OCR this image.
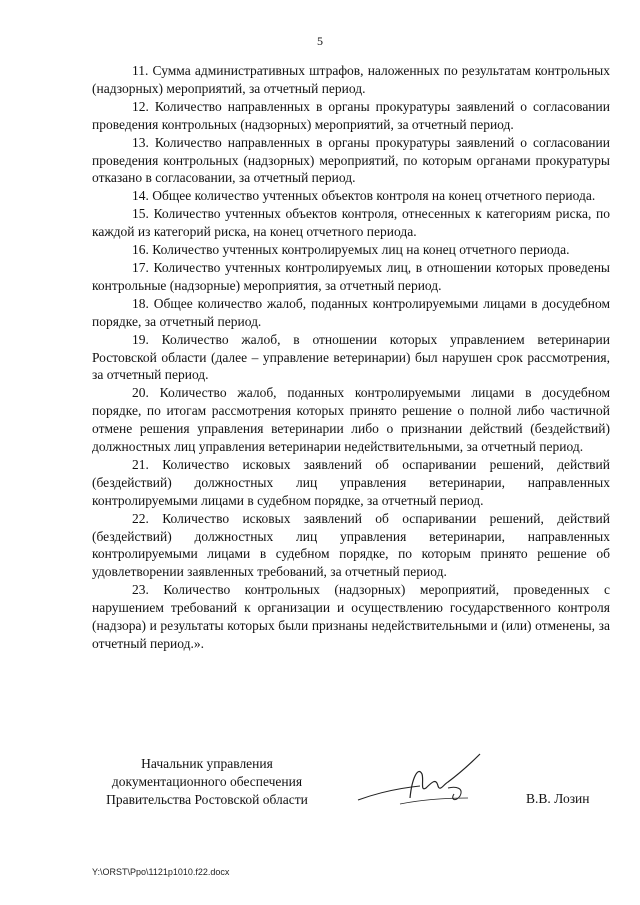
5

11. Сумма административных штрафов, наложенных по результатам контрольных (надзорных) мероприятий, за отчетный период.

12. Количество направленных в органы прокуратуры заявлений о согласовании проведения контрольных (надзорных) мероприятий, за отчетный период.

13. Количество направленных в органы прокуратуры заявлений о согласовании проведения контрольных (надзорных) мероприятий, по которым органами прокуратуры отказано в согласовании, за отчетный период.

14. Общее количество учтенных объектов контроля на конец отчетного периода.

15. Количество учтенных объектов контроля, отнесенных к категориям риска, по каждой из категорий риска, на конец отчетного периода.

16. Количество учтенных контролируемых лиц на конец отчетного периода.

17. Количество учтенных контролируемых лиц, в отношении которых проведены контрольные (надзорные) мероприятия, за отчетный период.

18. Общее количество жалоб, поданных контролируемыми лицами в досудебном порядке, за отчетный период.

19. Количество жалоб, в отношении которых управлением ветеринарии Ростовской области (далее – управление ветеринарии) был нарушен срок рассмотрения, за отчетный период.

20. Количество жалоб, поданных контролируемыми лицами в досудебном порядке, по итогам рассмотрения которых принято решение о полной либо частичной отмене решения управления ветеринарии либо о признании действий (бездействий) должностных лиц управления ветеринарии недействительными, за отчетный период.

21. Количество исковых заявлений об оспаривании решений, действий (бездействий) должностных лиц управления ветеринарии, направленных контролируемыми лицами в судебном порядке, за отчетный период.

22. Количество исковых заявлений об оспаривании решений, действий (бездействий) должностных лиц управления ветеринарии, направленных контролируемыми лицами в судебном порядке, по которым принято решение об удовлетворении заявленных требований, за отчетный период.

23. Количество контрольных (надзорных) мероприятий, проведенных с нарушением требований к организации и осуществлению государственного контроля (надзора) и результаты которых были признаны недействительными и (или) отменены, за отчетный период.».

Начальник управления
документационного обеспечения
Правительства Ростовской области	В.В. Лозин
Y:\ORST\Ppo\1121p1010.f22.docx
